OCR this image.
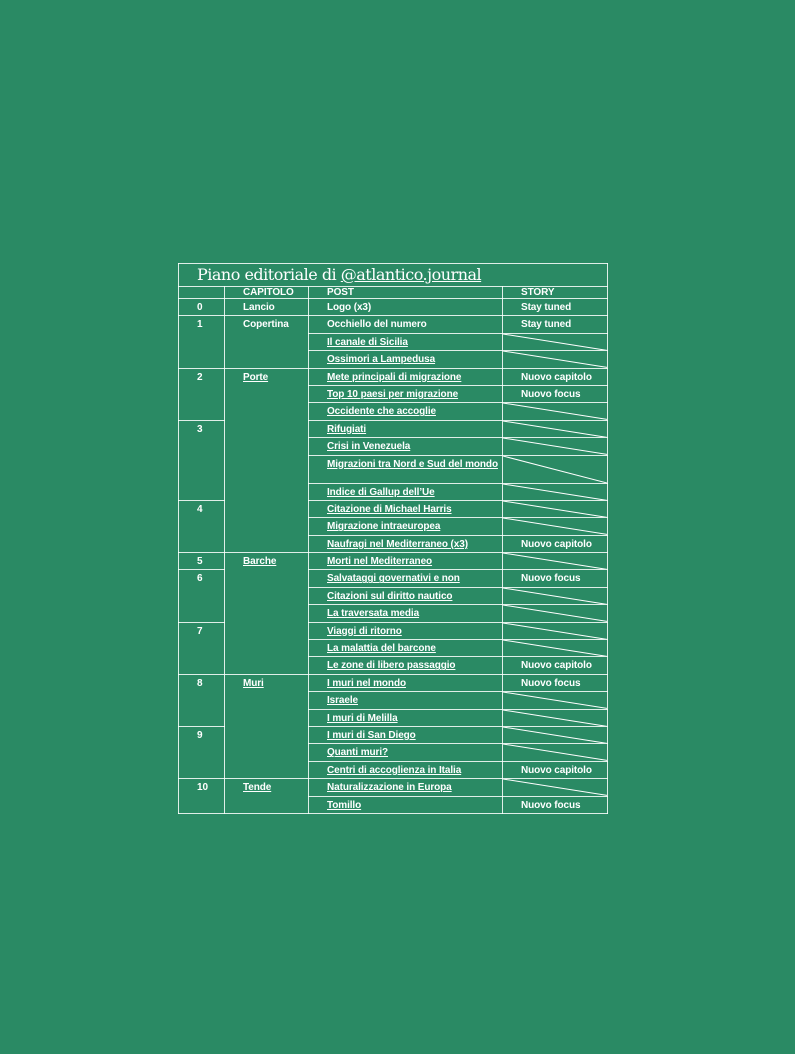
Piano editoriale di @atlantico.journal			
	CAPITOLO	POST	STORY

0	Lancio	Logo (x3)	Stay tuned

1	Copertina	Occhiello del numero	Stay tuned

		Il canale di Sicilia

		Ossimori a Lampedusa

2	Porte	Mete principali di migrazione	Nuovo capitolo

		Top 10 paesi per migrazione	Nuovo focus

		Occidente che accoglie

3		Rifugiati

		Crisi in Venezuela

		Migrazioni tra Nord e Sud del mondo

		Indice di Gallup dell’Ue

4		Citazione di Michael Harris

		Migrazione intraeuropea

		Naufragi nel Mediterraneo (x3)	Nuovo capitolo

5	Barche	Morti nel Mediterraneo

6		Salvataggi governativi e non	Nuovo focus

		Citazioni sul diritto nautico

		La traversata media

7		Viaggi di ritorno

		La malattia del barcone

		Le zone di libero passaggio	Nuovo capitolo

8	Muri	I muri nel mondo	Nuovo focus

		Israele

		I muri di Melilla

9		I muri di San Diego

		Quanti muri?

		Centri di accoglienza in Italia	Nuovo capitolo

10	Tende	Naturalizzazione in Europa

		Tomillo	Nuovo focus
